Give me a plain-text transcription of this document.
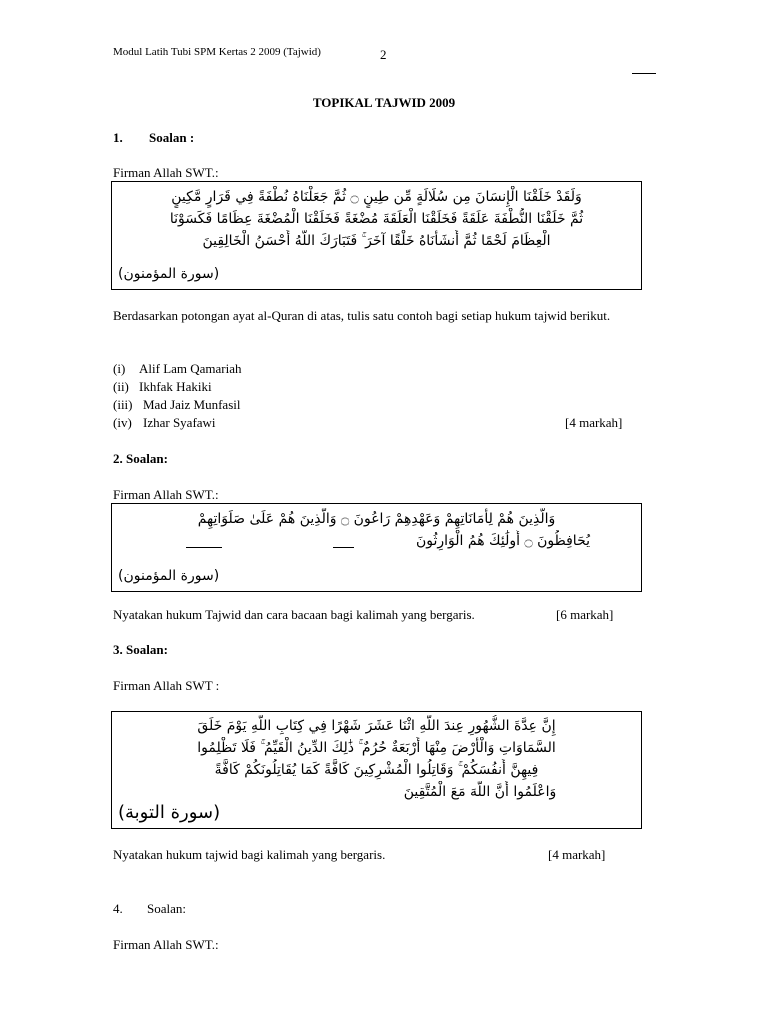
Modul Latih Tubi SPM Kertas 2 2009 (Tajwid)	2
TOPIKAL TAJWID 2009
1. Soalan :
Firman Allah SWT.:
وَلَقَدْ خَلَقْنَا الْإِنسَانَ مِن سُلَالَةٍ مِّن طِينٍ ۝ ثُمَّ جَعَلْنَاهُ نُطْفَةً فِي قَرَارٍ مَّكِينٍ
ثُمَّ خَلَقْنَا النُّطْفَةَ عَلَقَةً فَخَلَقْنَا الْعَلَقَةَ مُضْغَةً فَخَلَقْنَا الْمُضْغَةَ عِظَامًا فَكَسَوْنَا
الْعِظَامَ لَحْمًا ثُمَّ أَنشَأْنَاهُ خَلْقًا آخَرَ ۚ فَتَبَارَكَ اللَّهُ أَحْسَنُ الْخَالِقِينَ
(سورة المؤمنون)
Berdasarkan potongan ayat al-Quran di atas, tulis satu contoh bagi setiap hukum tajwid berikut.
(i) Alif Lam Qamariah
(ii) Ikhfak Hakiki
(iii) Mad Jaiz Munfasil
(iv) Izhar Syafawi	[4 markah]
2. Soalan:
Firman Allah SWT.:
وَالَّذِينَ هُمْ لِأَمَانَاتِهِمْ وَعَهْدِهِمْ رَاعُونَ ۝ وَالَّذِينَ هُمْ عَلَىٰ صَلَوَاتِهِمْ
يُحَافِظُونَ ۝ أُولَٰئِكَ هُمُ الْوَارِثُونَ
(سورة المؤمنون)
Nyatakan hukum Tajwid dan cara bacaan bagi kalimah yang bergaris.	[6 markah]
3. Soalan:
Firman Allah SWT :
إِنَّ عِدَّةَ الشُّهُورِ عِندَ اللَّهِ اثْنَا عَشَرَ شَهْرًا فِي كِتَابِ اللَّهِ يَوْمَ خَلَقَ
السَّمَاوَاتِ وَالْأَرْضَ مِنْهَا أَرْبَعَةٌ حُرُمٌ ۚ ذَٰلِكَ الدِّينُ الْقَيِّمُ ۚ فَلَا تَظْلِمُوا
فِيهِنَّ أَنفُسَكُمْ ۚ وَقَاتِلُوا الْمُشْرِكِينَ كَافَّةً كَمَا يُقَاتِلُونَكُمْ كَافَّةً
وَاعْلَمُوا أَنَّ اللَّهَ مَعَ الْمُتَّقِينَ
(سورة التوبة)
Nyatakan hukum tajwid bagi kalimah yang bergaris.	[4 markah]
4. Soalan:
Firman Allah SWT.:
